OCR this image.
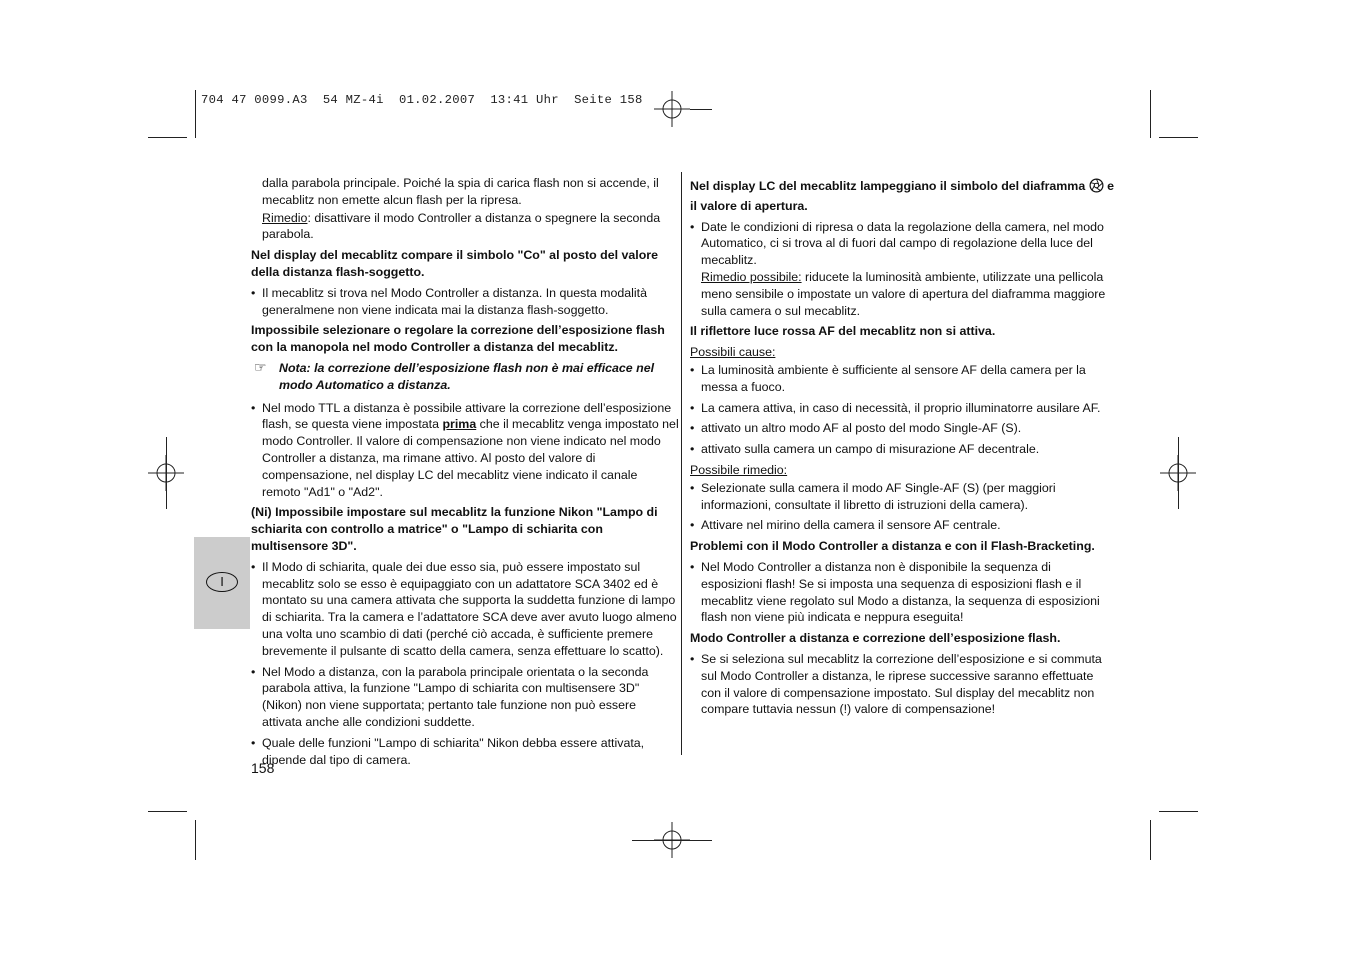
704 47 0099.A3  54 MZ-4i  01.02.2007  13:41 Uhr  Seite 158
I

dalla parabola principale. Poiché la spia di carica flash non si accende, il mecablitz non emette alcun flash per la ripresa.

Rimedio: disattivare il modo Controller a distanza o spegnere la seconda parabola.

Nel display del mecablitz compare il simbolo "Co" al posto del valore della distanza flash-soggetto.

• Il mecablitz si trova nel Modo Controller a distanza. In questa modalità generalmene non viene indicata mai la distanza flash-soggetto.

Impossibile selezionare o regolare la correzione dell’esposizione flash con la manopola nel modo Controller a distanza del mecablitz.

☞ Nota: la correzione dell’esposizione flash non è mai efficace nel modo Automatico a distanza.
• Nel modo TTL a distanza è possibile attivare la correzione dell’esposizione flash, se questa viene impostata prima che il mecablitz venga impostato nel modo Controller. Il valore di compensazione non viene indicato nel modo Controller a distanza, ma rimane attivo. Al posto del valore di compensazione, nel display LC del mecablitz viene indicato il canale remoto "Ad1" o "Ad2".

(Ni) Impossibile impostare sul mecablitz la funzione Nikon "Lampo di schiarita con controllo a matrice" o "Lampo di schiarita con multisensore 3D".

• Il Modo di schiarita, quale dei due esso sia, può essere impostato sul mecablitz solo se esso è equipaggiato con un adattatore SCA 3402 ed è montato su una camera attivata che supporta la suddetta funzione di lampo di schiarita. Tra la camera e l’adattatore SCA deve aver avuto luogo almeno una volta uno scambio di dati (perché ciò accada, è sufficiente premere brevemente il pulsante di scatto della camera, senza effettuare lo scatto).
• Nel Modo a distanza, con la parabola principale orientata o la seconda parabola attiva, la funzione "Lampo di schiarita con multisensere 3D" (Nikon) non viene supportata; pertanto tale funzione non può essere attivata anche alle condizioni suddette.
• Quale delle funzioni "Lampo di schiarita" Nikon debba essere attivata, dipende dal tipo di camera.

Nel display LC del mecablitz lampeggiano il simbolo del diaframma  e il valore di apertura.

• Date le condizioni di ripresa o data la regolazione della camera, nel modo Automatico, ci si trova al di fuori dal campo di regolazione della luce del mecablitz.
Rimedio possibile: riducete la luminosità ambiente, utilizzate una pellicola meno sensibile o impostate un valore di apertura del diaframma maggiore sulla camera o sul mecablitz.

Il riflettore luce rossa AF del mecablitz non si attiva.

Possibili cause:

• La luminosità ambiente è sufficiente al sensore AF della camera per la messa a fuoco.
• La camera attiva, in caso di necessità, il proprio illuminatorre ausilare AF.
• attivato un altro modo AF al posto del modo Single-AF (S).
• attivato sulla camera un campo di misurazione AF decentrale.

Possibile rimedio:

• Selezionate sulla camera il modo AF Single-AF (S) (per maggiori informazioni, consultate il libretto di istruzioni della camera).
• Attivare nel mirino della camera il sensore AF centrale.

Problemi con il Modo Controller a distanza e con il Flash-Bracketing.

• Nel Modo Controller a distanza non è disponibile la sequenza di esposizioni flash! Se si imposta una sequenza di esposizioni flash e il mecablitz viene regolato sul Modo a distanza, la sequenza di esposizioni flash non viene più indicata e neppura eseguita!

Modo Controller a distanza e correzione dell’esposizione flash.

• Se si seleziona sul mecablitz la correzione dell’esposizione e si commuta sul Modo Controller a distanza, le riprese successive saranno effettuate con il valore di compensazione impostato. Sul display del mecablitz non compare tuttavia nessun (!) valore di compensazione!
158
